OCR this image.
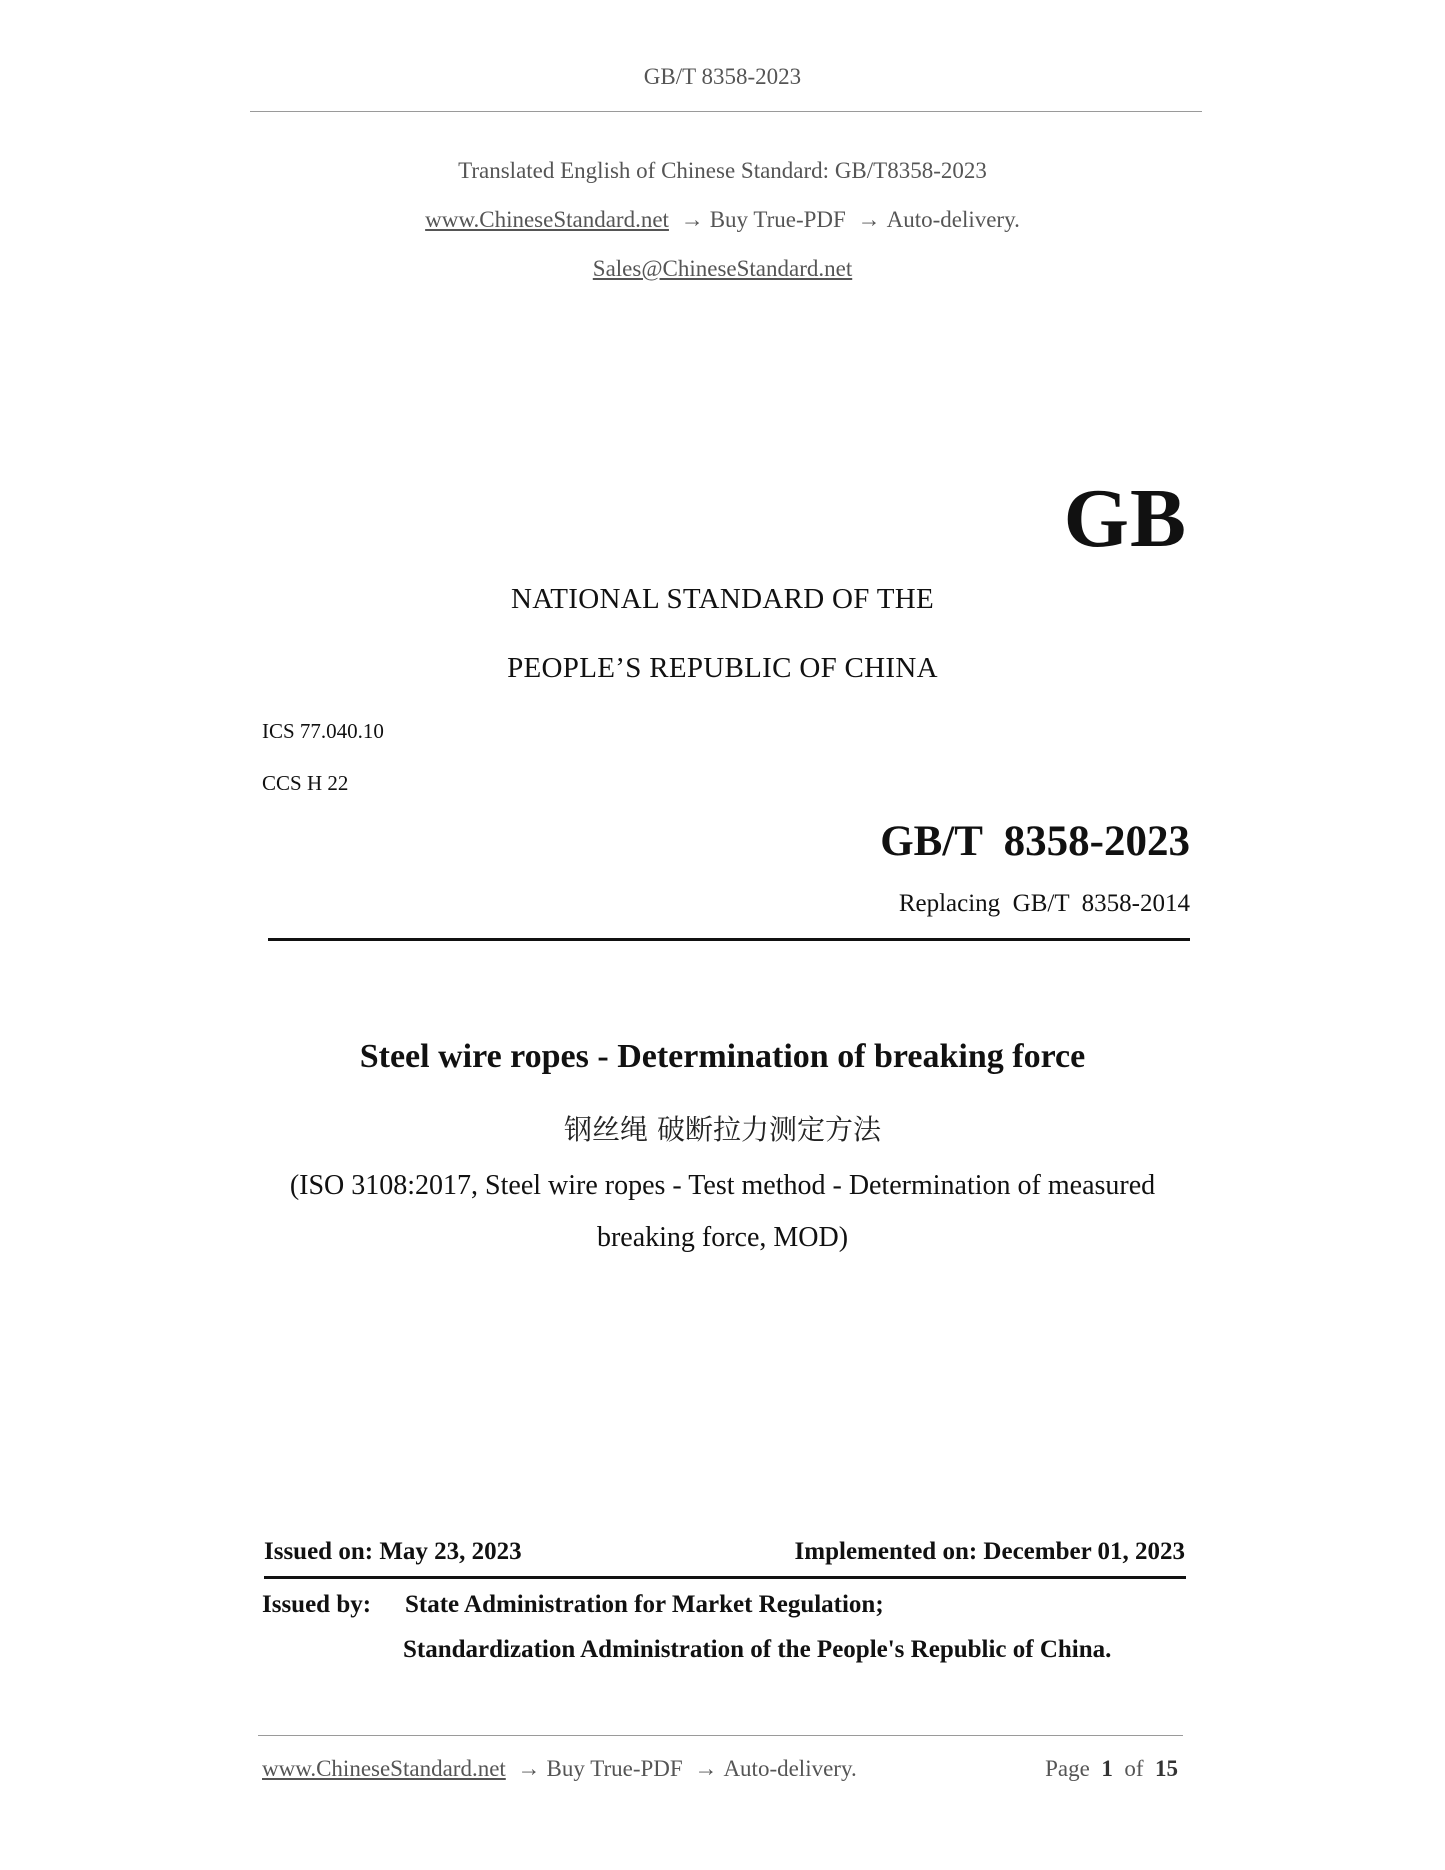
GB/T 8358-2023
Translated English of Chinese Standard: GB/T8358-2023
www.ChineseStandard.net → Buy True-PDF → Auto-delivery.
Sales@ChineseStandard.net
GB
NATIONAL STANDARD OF THE
PEOPLE’S REPUBLIC OF CHINA
ICS 77.040.10
CCS H 22
GB/T  8358-2023
Replacing  GB/T  8358-2014
Steel wire ropes - Determination of breaking force
钢丝绳 破断拉力测定方法
(ISO 3108:2017, Steel wire ropes - Test method - Determination of measured
breaking force, MOD)
Issued on: May 23, 2023	Implemented on: December 01, 2023
Issued by: State Administration for Market Regulation;
Standardization Administration of the People's Republic of China.
www.ChineseStandard.net → Buy True-PDF → Auto-delivery.	Page 1 of 15
